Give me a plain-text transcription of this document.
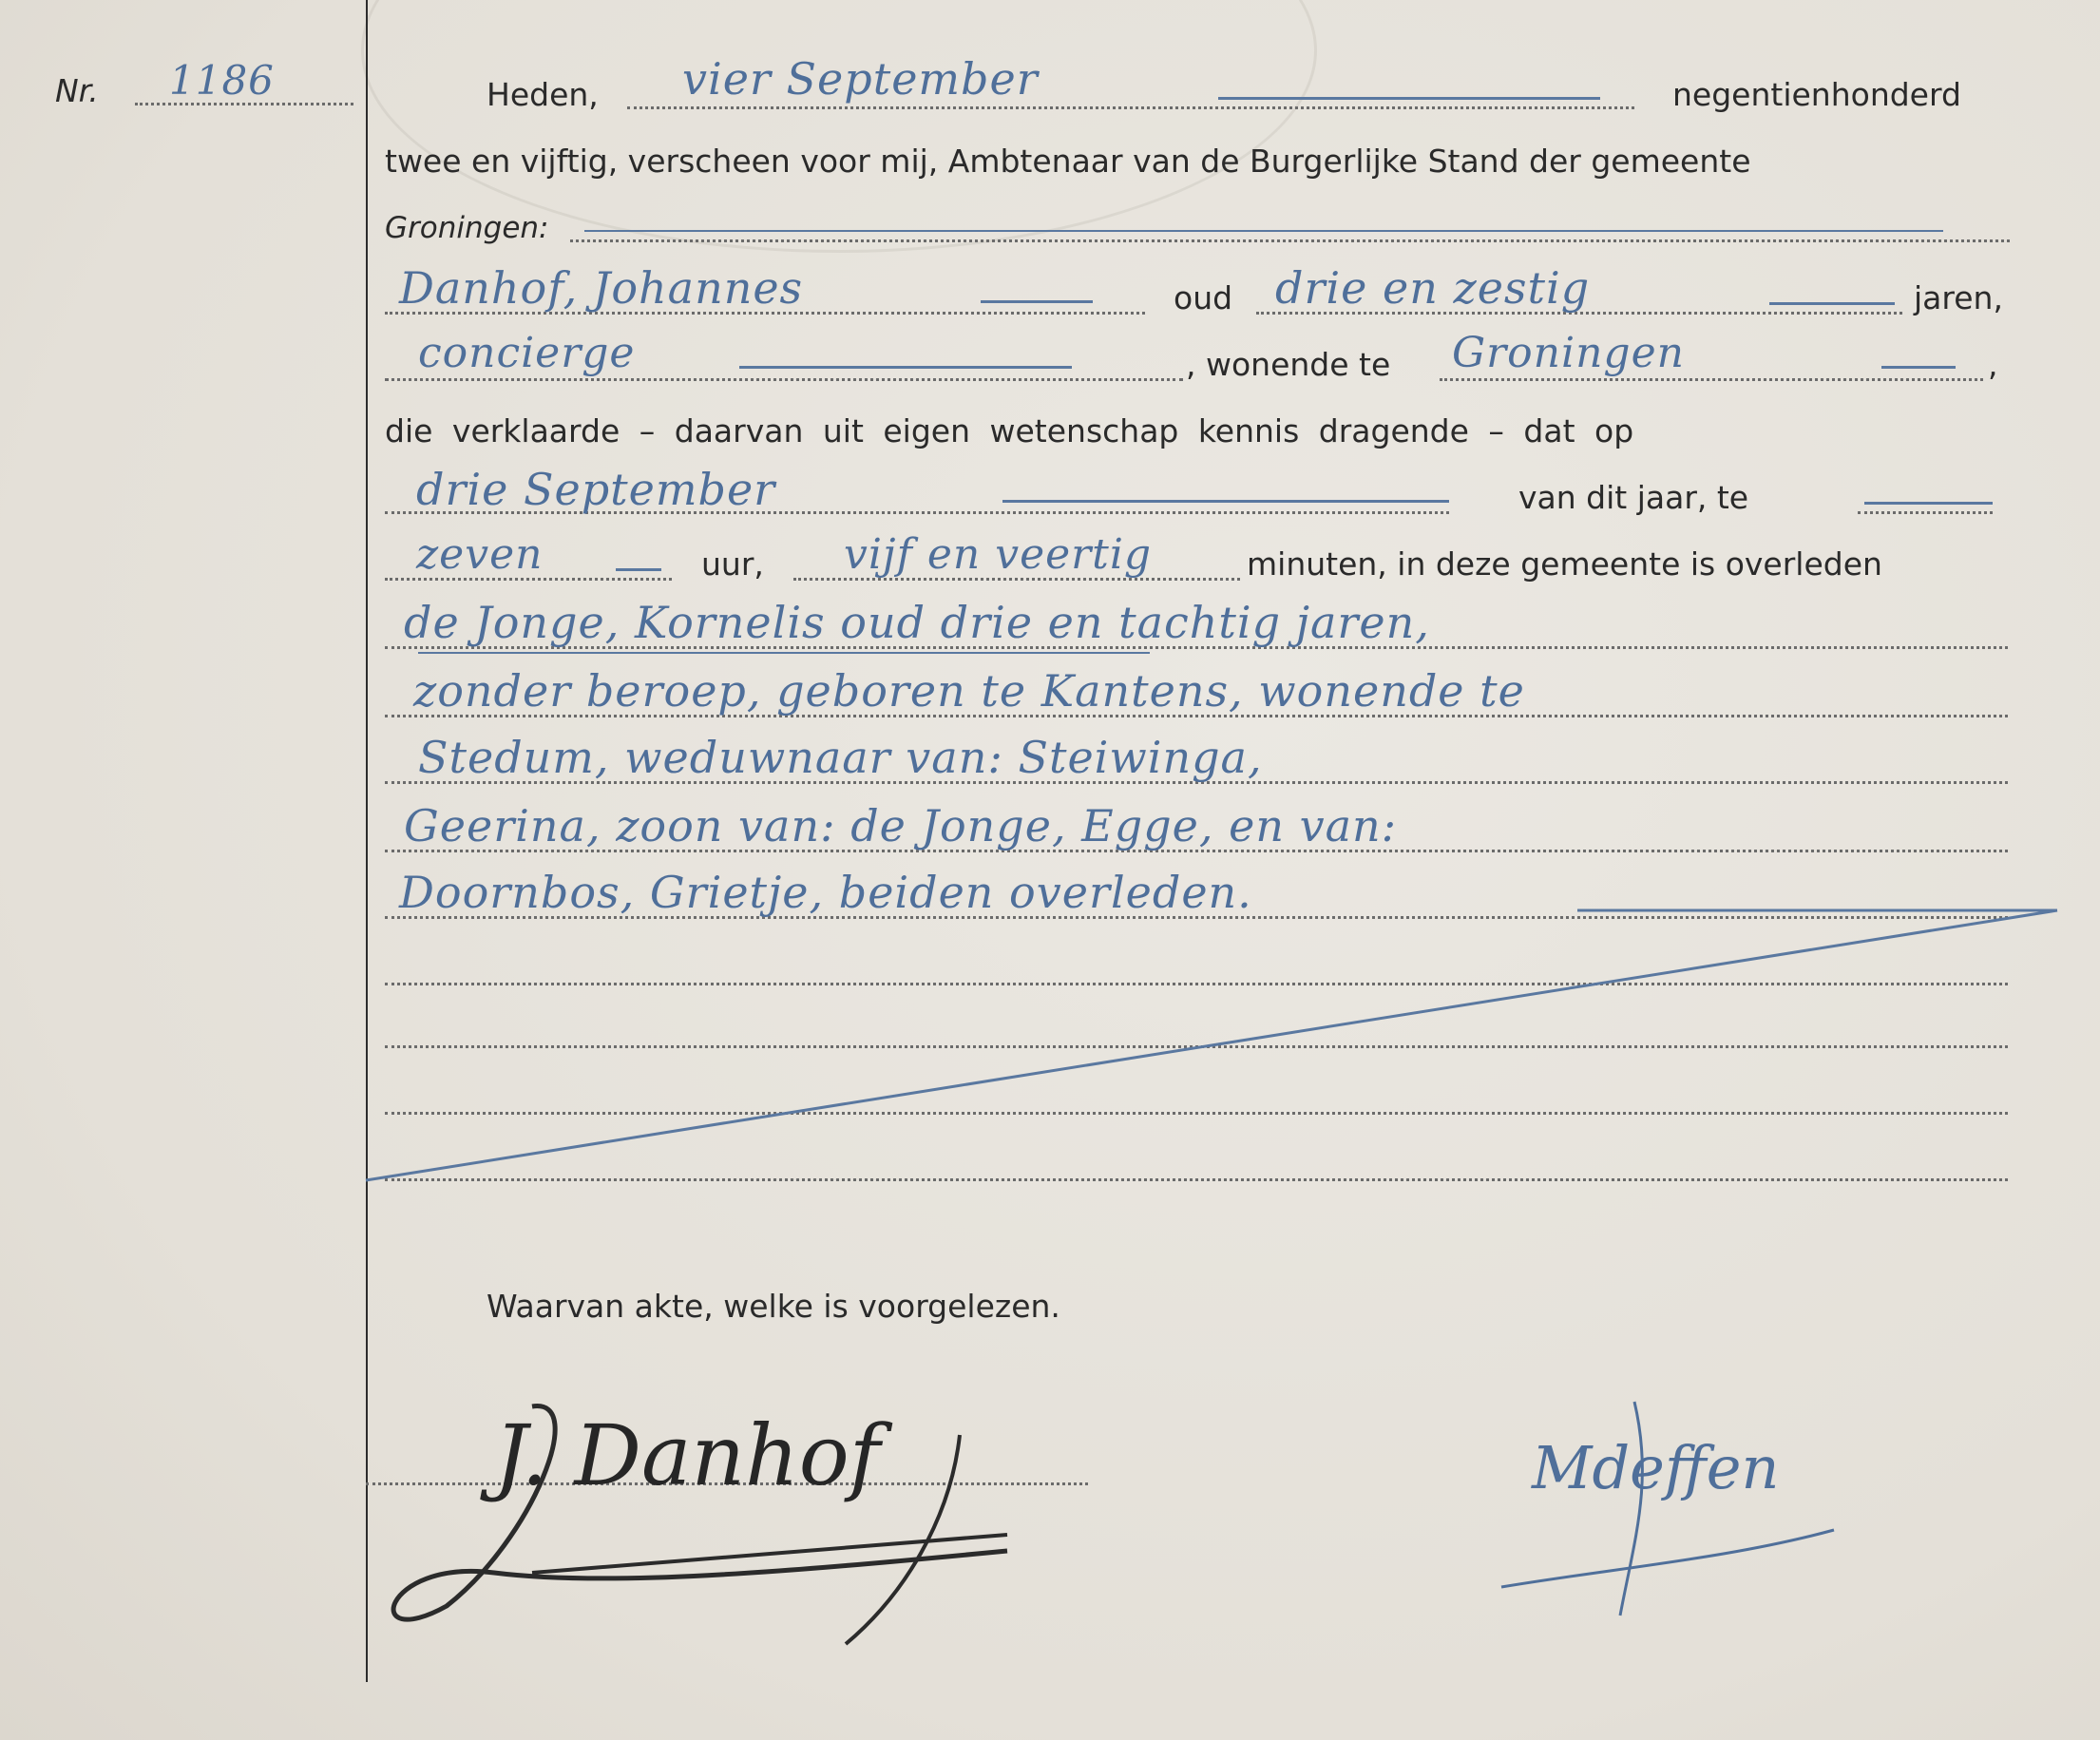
Nr. 1186	Heden, vier September	negentienhonderd
twee en vijftig, verscheen voor mij, Ambtenaar van de Burgerlijke Stand der gemeente
Groningen:
Danhof, Johannes	oud drie en zestig	jaren,
concierge	, wonende te Groningen	,
die verklaarde – daarvan uit eigen wetenschap kennis dragende – dat op
drie September	van dit jaar, te
zeven	uur, vijf en veertig	minuten, in deze gemeente is overleden
de Jonge, Kornelis oud drie en tachtig jaren,
zonder beroep, geboren te Kantens, wonende te
Stedum, weduwnaar van: Steiwinga,
Geerina, zoon van: de Jonge, Egge, en van:
Doornbos, Grietje, beiden overleden.
Waarvan akte, welke is voorgelezen.
J. Danhof	Mdeffen
